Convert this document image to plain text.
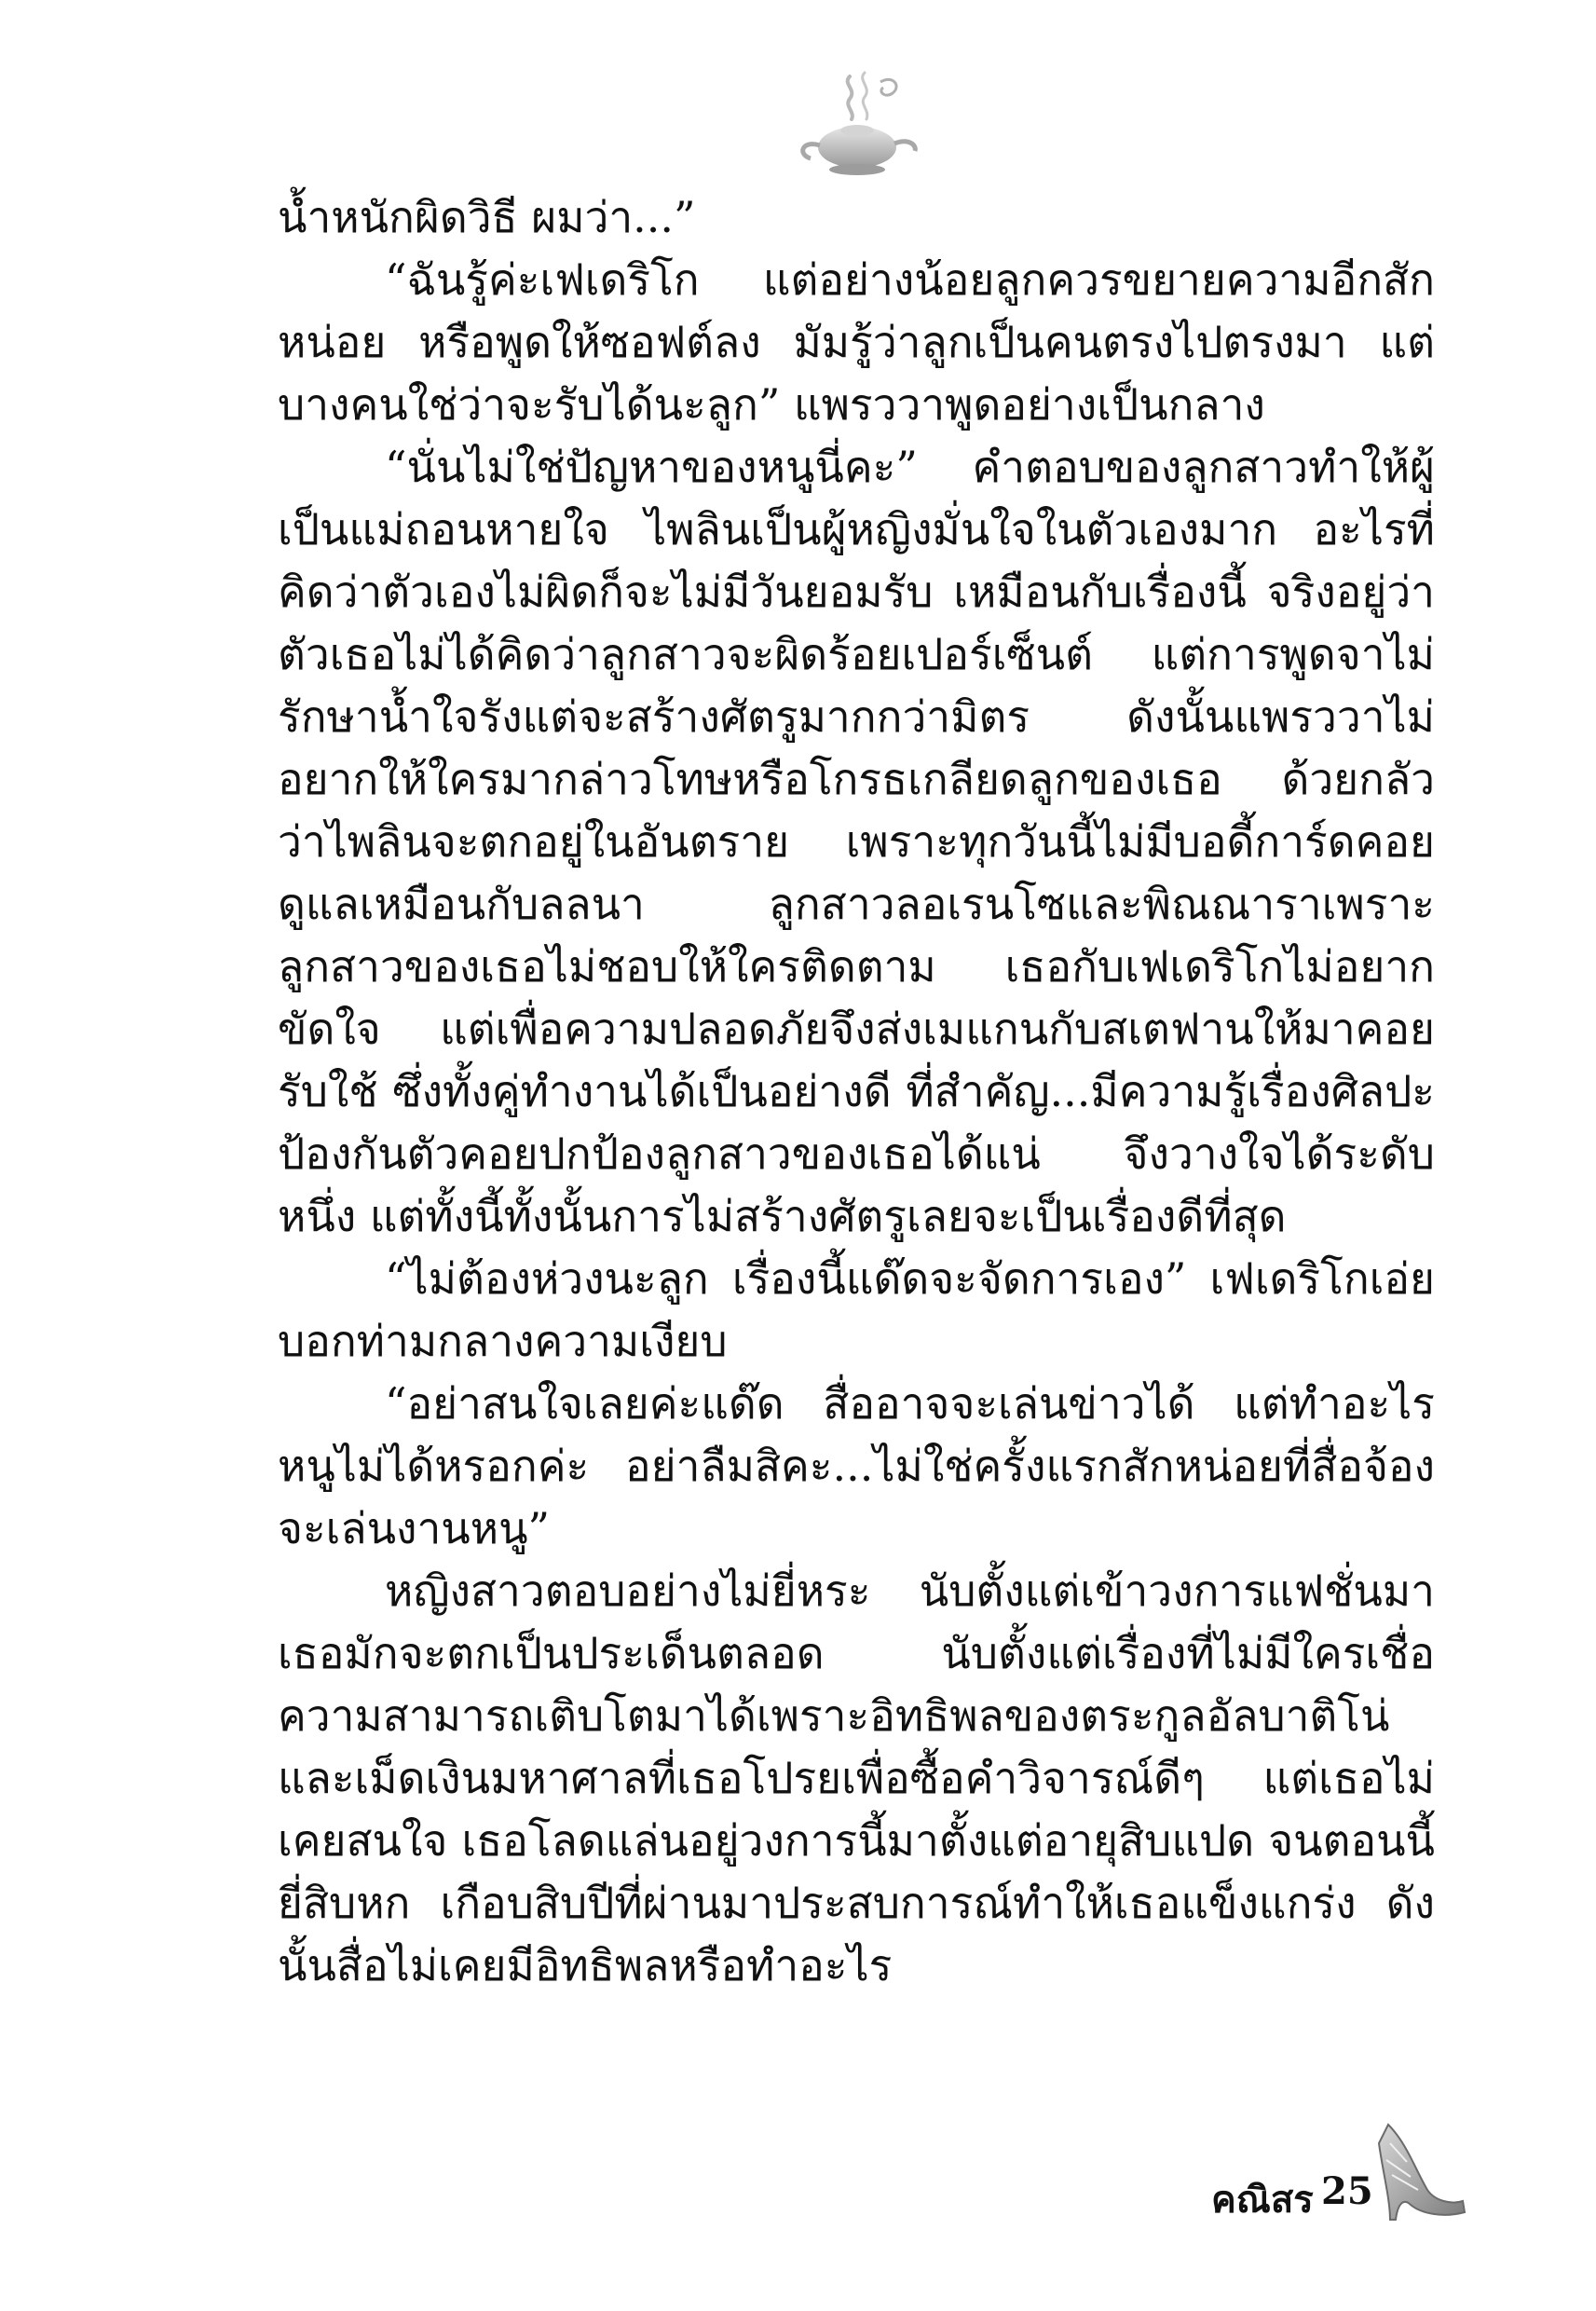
น้ำหนักผิดวิธี ผมว่า...”

“ฉันรู้ค่ะเฟเดริโก แต่อย่างน้อยลูกควรขยายความอีกสักหน่อย หรือพูดให้ซอฟต์ลง มัมรู้ว่าลูกเป็นคนตรงไปตรงมา แต่บางคนใช่ว่าจะรับได้นะลูก” แพรววาพูดอย่างเป็นกลาง

“นั่นไม่ใช่ปัญหาของหนูนี่คะ” คำตอบของลูกสาวทำให้ผู้เป็นแม่ถอนหายใจ ไพลินเป็นผู้หญิงมั่นใจในตัวเองมาก อะไรที่คิดว่าตัวเองไม่ผิดก็จะไม่มีวันยอมรับ เหมือนกับเรื่องนี้ จริงอยู่ว่าตัวเธอไม่ได้คิดว่าลูกสาวจะผิดร้อยเปอร์เซ็นต์ แต่การพูดจาไม่รักษาน้ำใจรังแต่จะสร้างศัตรูมากกว่ามิตร ดังนั้นแพรววาไม่อยากให้ใครมากล่าวโทษหรือโกรธเกลียดลูกของเธอ ด้วยกลัวว่าไพลินจะตกอยู่ในอันตราย เพราะทุกวันนี้ไม่มีบอดี้การ์ดคอยดูแลเหมือนกับลลนา ลูกสาวลอเรนโซและพิณณาราเพราะลูกสาวของเธอไม่ชอบให้ใครติดตาม เธอกับเฟเดริโกไม่อยากขัดใจ แต่เพื่อความปลอดภัยจึงส่งเมแกนกับสเตฟานให้มาคอยรับใช้ ซึ่งทั้งคู่ทำงานได้เป็นอย่างดี ที่สำคัญ...มีความรู้เรื่องศิลปะป้องกันตัวคอยปกป้องลูกสาวของเธอได้แน่ จึงวางใจได้ระดับหนึ่ง แต่ทั้งนี้ทั้งนั้นการไม่สร้างศัตรูเลยจะเป็นเรื่องดีที่สุด

“ไม่ต้องห่วงนะลูก เรื่องนี้แด๊ดจะจัดการเอง” เฟเดริโกเอ่ยบอกท่ามกลางความเงียบ

“อย่าสนใจเลยค่ะแด๊ด สื่ออาจจะเล่นข่าวได้ แต่ทำอะไรหนูไม่ได้หรอกค่ะ อย่าลืมสิคะ...ไม่ใช่ครั้งแรกสักหน่อยที่สื่อจ้องจะเล่นงานหนู”

หญิงสาวตอบอย่างไม่ยี่หระ นับตั้งแต่เข้าวงการแฟชั่นมา เธอมักจะตกเป็นประเด็นตลอด นับตั้งแต่เรื่องที่ไม่มีใครเชื่อความสามารถเติบโตมาได้เพราะอิทธิพลของตระกูลอัลบาติโน่ และเม็ดเงินมหาศาลที่เธอโปรยเพื่อซื้อคำวิจารณ์ดีๆ แต่เธอไม่เคยสนใจ เธอโลดแล่นอยู่วงการนี้มาตั้งแต่อายุสิบแปด จนตอนนี้ยี่สิบหก เกือบสิบปีที่ผ่านมาประสบการณ์ทำให้เธอแข็งแกร่ง ดังนั้นสื่อไม่เคยมีอิทธิพลหรือทำอะไร

คณิสร 25
